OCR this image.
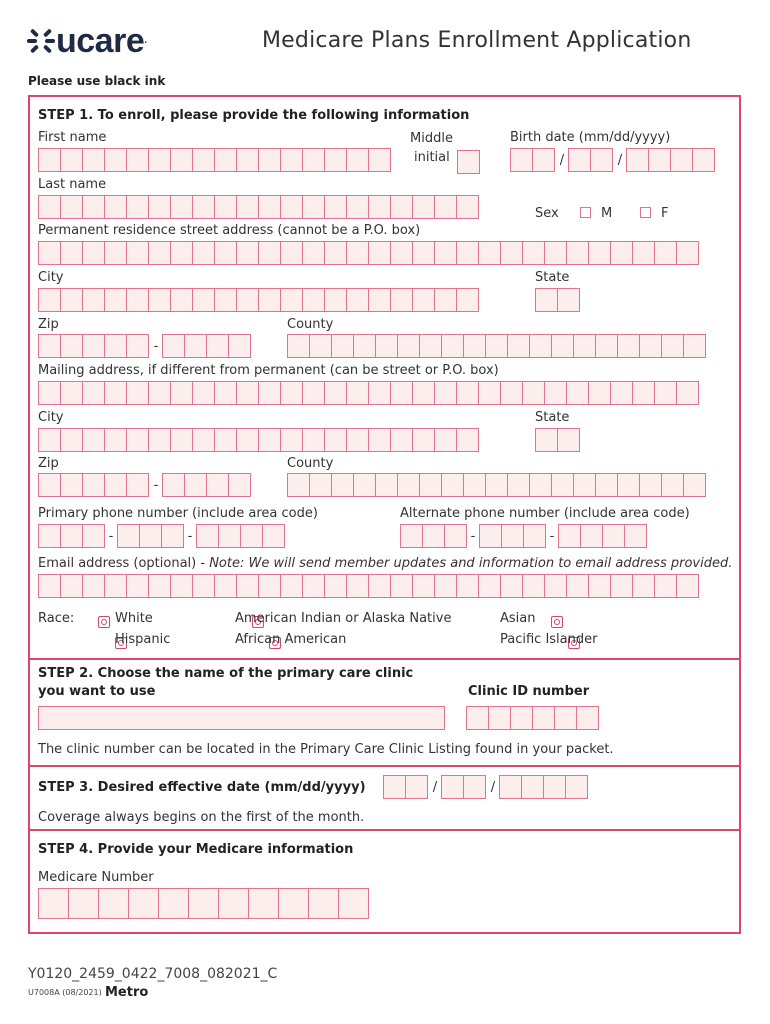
ucare .	Medicare Plans Enrollment Application
Please use black ink
STEP 1. To enroll, please provide the following information
First name	Middle
initial
Birth date (mm/dd/yyyy)
/	/
Last name
Sex	M	F
Permanent residence street address (cannot be a P.O. box)
City	State
Zip
-
County
Mailing address, if different from permanent (can be street or P.O. box)
City	State
Zip
-
County
Primary phone number (include area code)
-	-
Alternate phone number (include area code)
-	-
Email address (optional) - Note: We will send member updates and information to email address provided.
Race:
	White

Hispanic

American Indian or Alaska Native

African American

Asian
Pacific Islander
STEP 2. Choose the name of the primary care clinic
you want to use	Clinic ID number
The clinic number can be located in the Primary Care Clinic Listing found in your packet.
STEP 3. Desired effective date (mm/dd/yyyy)	/	/
Coverage always begins on the first of the month.
STEP 4. Provide your Medicare information
Medicare Number
Y0120_2459_0422_7008_082021_C
U7008A (08/2021) Metro
